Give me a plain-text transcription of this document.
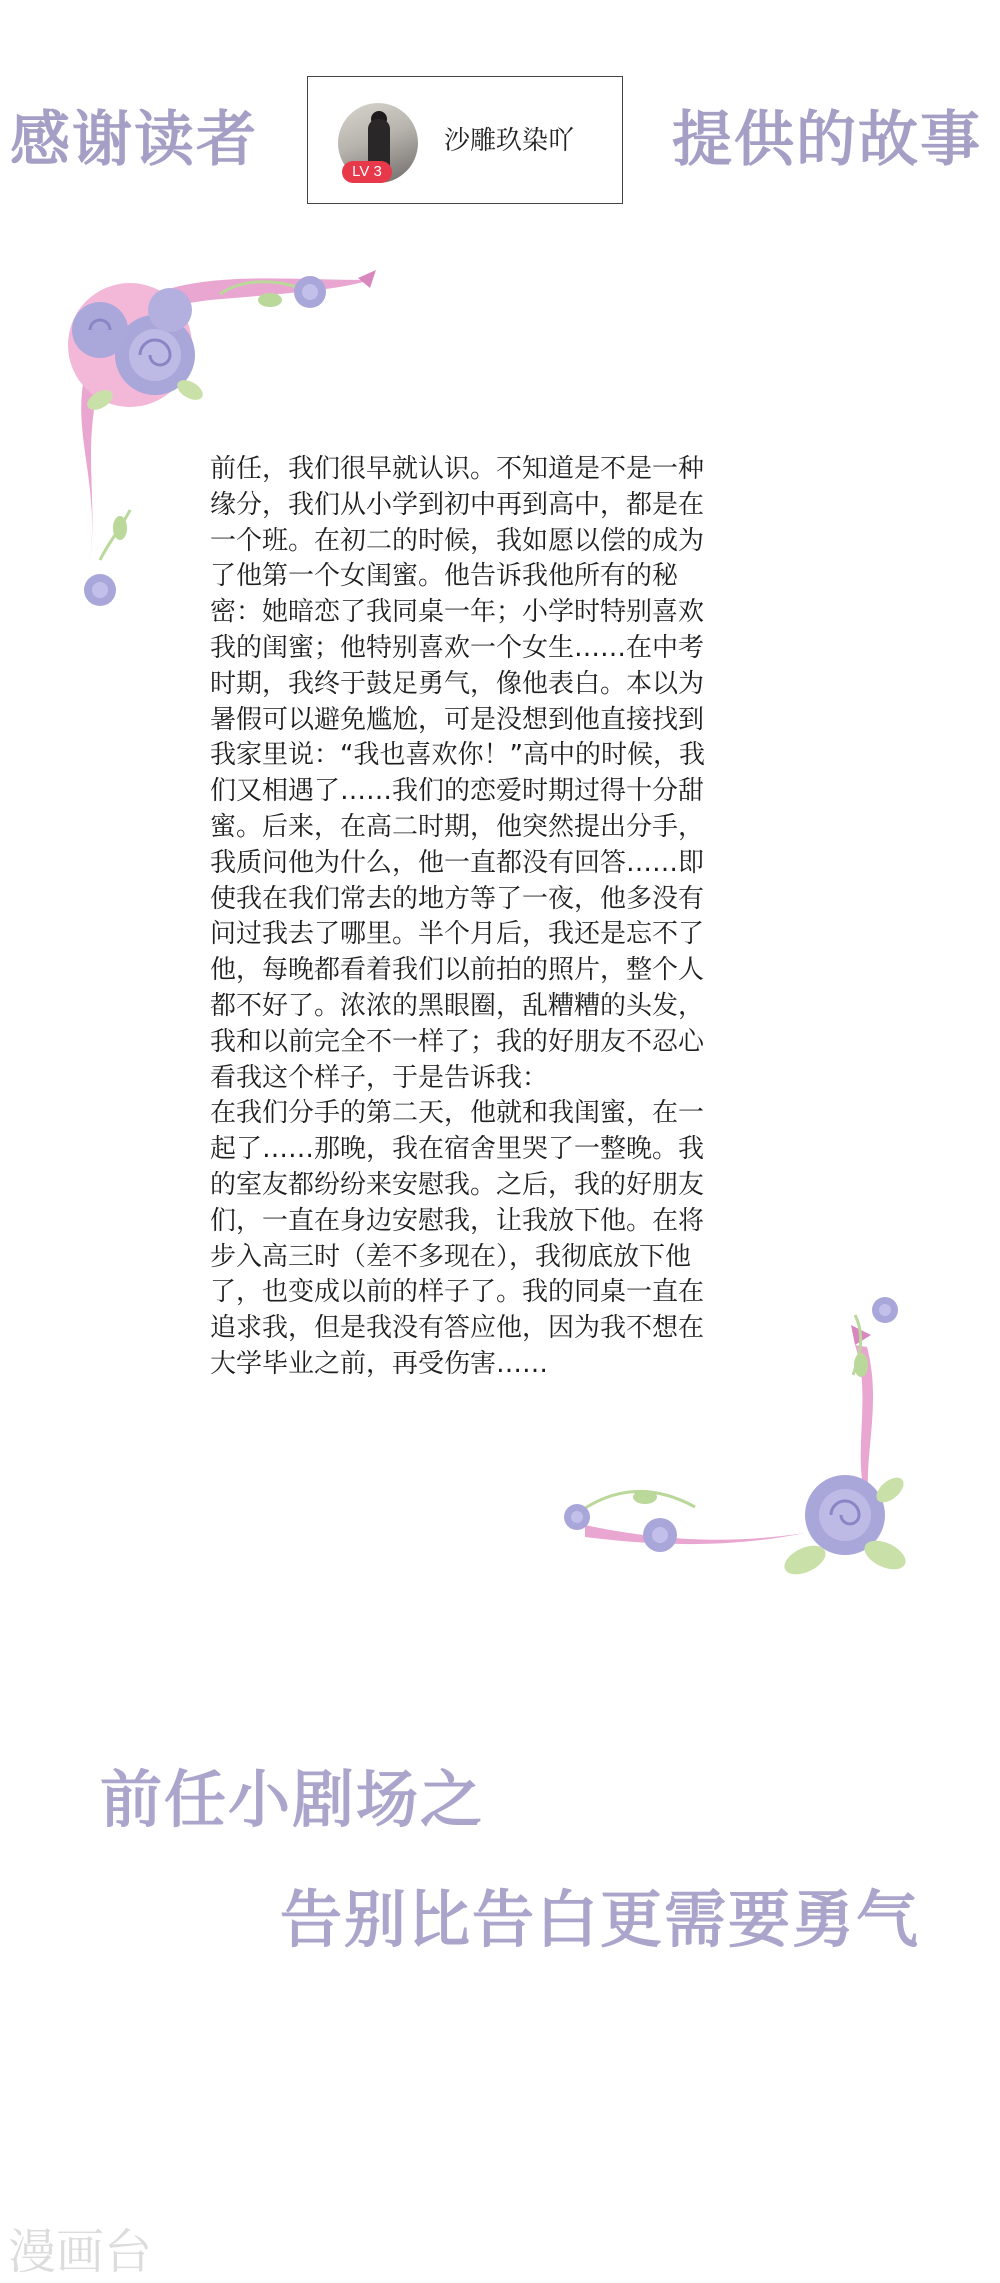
感谢读者	LV 3
沙雕玖染吖 提供的故事
前任，我们很早就认识。不知道是不是一种
缘分，我们从小学到初中再到高中，都是在
一个班。在初二的时候，我如愿以偿的成为
了他第一个女闺蜜。他告诉我他所有的秘
密：她暗恋了我同桌一年；小学时特别喜欢
我的闺蜜；他特别喜欢一个女生……在中考
时期，我终于鼓足勇气，像他表白。本以为
暑假可以避免尴尬，可是没想到他直接找到
我家里说：“我也喜欢你！”高中的时候，我
们又相遇了……我们的恋爱时期过得十分甜
蜜。后来，在高二时期，他突然提出分手，
我质问他为什么，他一直都没有回答……即
使我在我们常去的地方等了一夜，他多没有
问过我去了哪里。半个月后，我还是忘不了
他，每晚都看着我们以前拍的照片，整个人
都不好了。浓浓的黑眼圈，乱糟糟的头发，
我和以前完全不一样了；我的好朋友不忍心
看我这个样子，于是告诉我：
在我们分手的第二天，他就和我闺蜜，在一
起了……那晚，我在宿舍里哭了一整晚。我
的室友都纷纷来安慰我。之后，我的好朋友
们，一直在身边安慰我，让我放下他。在将
步入高三时（差不多现在），我彻底放下他
了，也变成以前的样子了。我的同桌一直在
追求我，但是我没有答应他，因为我不想在
大学毕业之前，再受伤害……
前任小剧场之
告别比告白更需要勇气
漫画台
